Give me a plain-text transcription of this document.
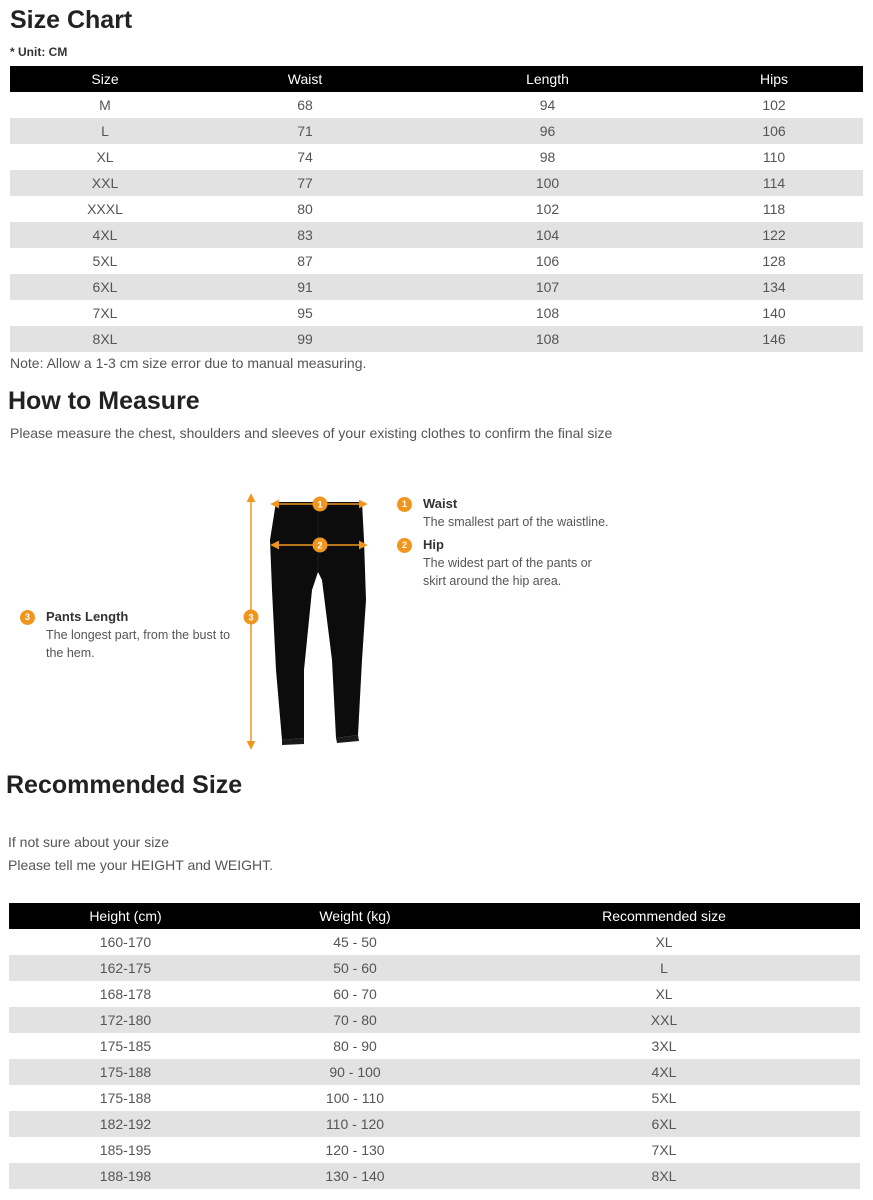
Size Chart
* Unit: CM
Size	Waist	Length	Hips
M	68	94	102
L	71	96	106
XL	74	98	110
XXL	77	100	114
XXXL	80	102	118
4XL	83	104	122
5XL	87	106	128
6XL	91	107	134
7XL	95	108	140
8XL	99	108	146
Note: Allow a 1-3 cm size error due to manual measuring.
How to Measure
Please measure the chest, shoulders and sleeves of your existing clothes to confirm the final size
1
2
3
1	Waist
The smallest part of the waistline.
2	Hip
The widest part of the pants or
skirt around the hip area.
3	Pants Length
The longest part, from the bust to
the hem.
Recommended Size
If not sure about your size
Please tell me your HEIGHT and WEIGHT.
Height (cm)	Weight (kg)	Recommended size
160-170	45 - 50	XL
162-175	50 - 60	L
168-178	60 - 70	XL
172-180	70 - 80	XXL
175-185	80 - 90	3XL
175-188	90 - 100	4XL
175-188	100 - 110	5XL
182-192	110 - 120	6XL
185-195	120 - 130	7XL
188-198	130 - 140	8XL
